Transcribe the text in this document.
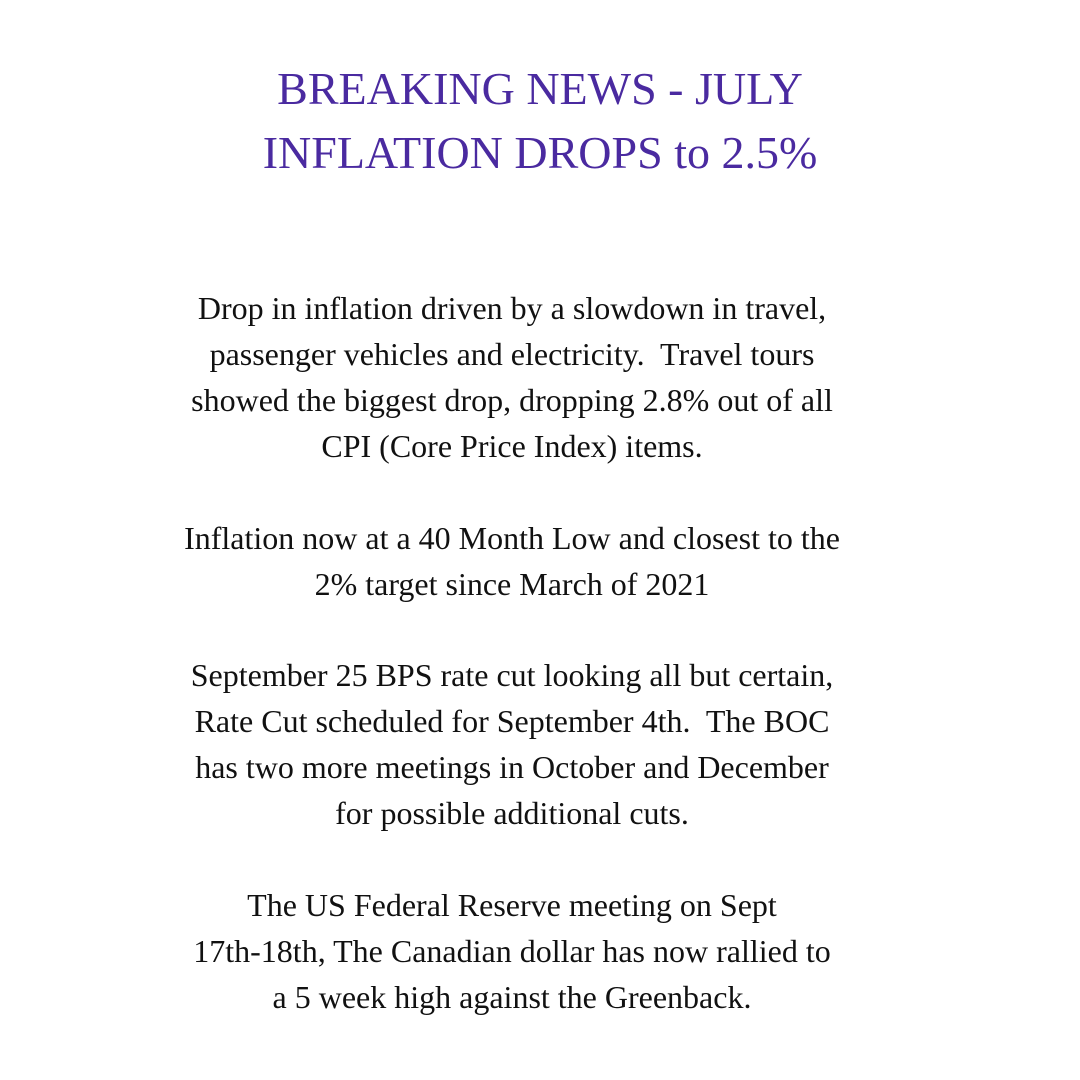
BREAKING NEWS - JULY
INFLATION DROPS to 2.5%
Drop in inflation driven by a slowdown in travel,
passenger vehicles and electricity.  Travel tours
showed the biggest drop, dropping 2.8% out of all
CPI (Core Price Index) items.
Inflation now at a 40 Month Low and closest to the
2% target since March of 2021
September 25 BPS rate cut looking all but certain,
Rate Cut scheduled for September 4th.  The BOC
has two more meetings in October and December
for possible additional cuts.
The US Federal Reserve meeting on Sept
17th-18th, The Canadian dollar has now rallied to
a 5 week high against the Greenback.
